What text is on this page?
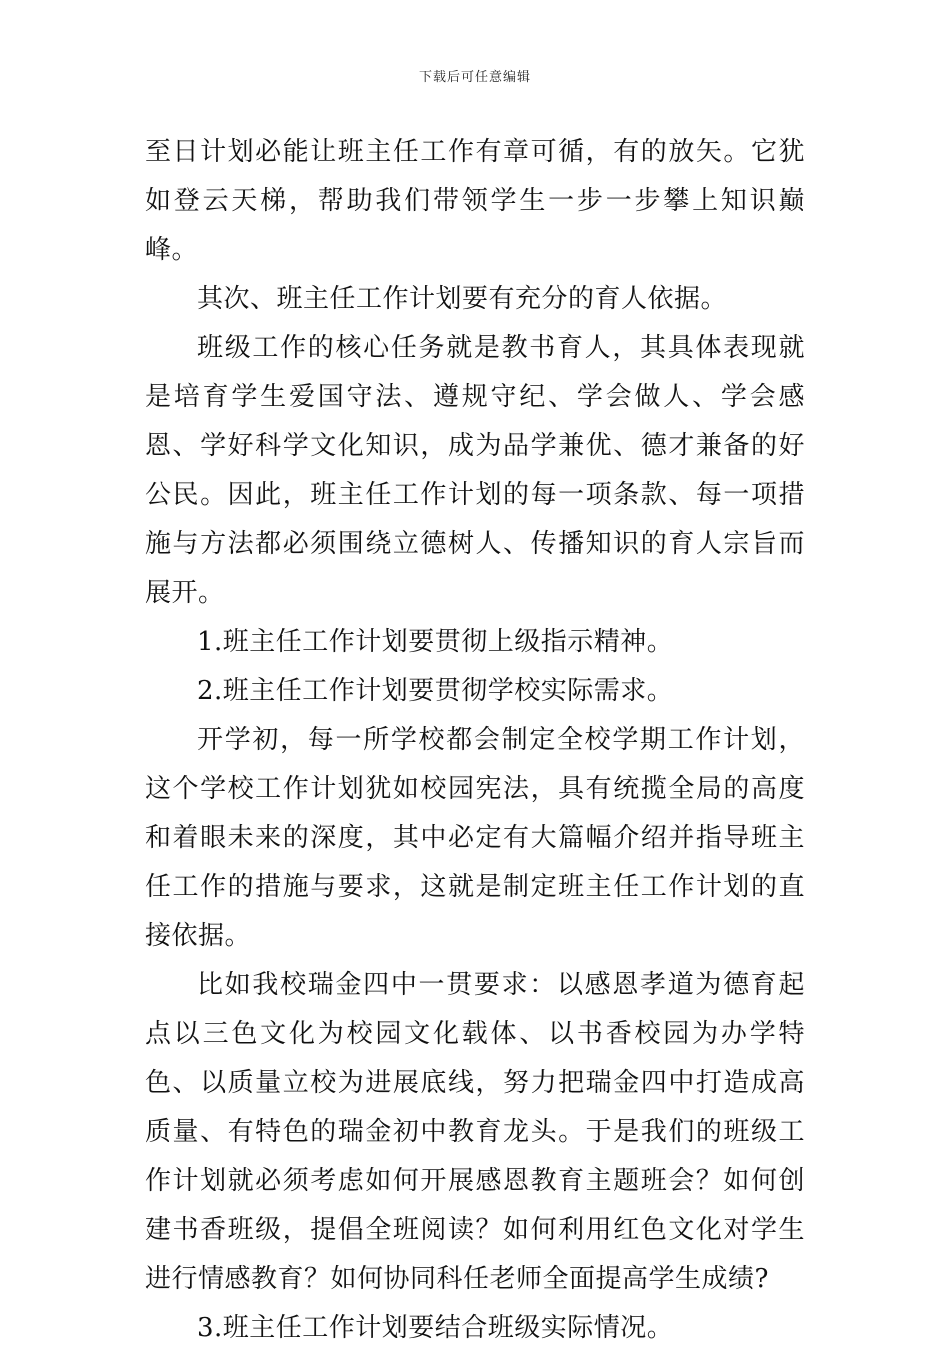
下载后可任意编辑

至日计划必能让班主任工作有章可循，有的放矢。它犹如登云天梯，帮助我们带领学生一步一步攀上知识巅峰。

其次、班主任工作计划要有充分的育人依据。

班级工作的核心任务就是教书育人，其具体表现就是培育学生爱国守法、遵规守纪、学会做人、学会感恩、学好科学文化知识，成为品学兼优、德才兼备的好公民。因此，班主任工作计划的每一项条款、每一项措施与方法都必须围绕立德树人、传播知识的育人宗旨而展开。

1.班主任工作计划要贯彻上级指示精神。

2.班主任工作计划要贯彻学校实际需求。

开学初，每一所学校都会制定全校学期工作计划，这个学校工作计划犹如校园宪法，具有统揽全局的高度和着眼未来的深度，其中必定有大篇幅介绍并指导班主任工作的措施与要求，这就是制定班主任工作计划的直接依据。

比如我校瑞金四中一贯要求：以感恩孝道为德育起点以三色文化为校园文化载体、以书香校园为办学特色、以质量立校为进展底线，努力把瑞金四中打造成高质量、有特色的瑞金初中教育龙头。于是我们的班级工作计划就必须考虑如何开展感恩教育主题班会？如何创建书香班级，提倡全班阅读？如何利用红色文化对学生进行情感教育？如何协同科任老师全面提高学生成绩?

3.班主任工作计划要结合班级实际情况。
